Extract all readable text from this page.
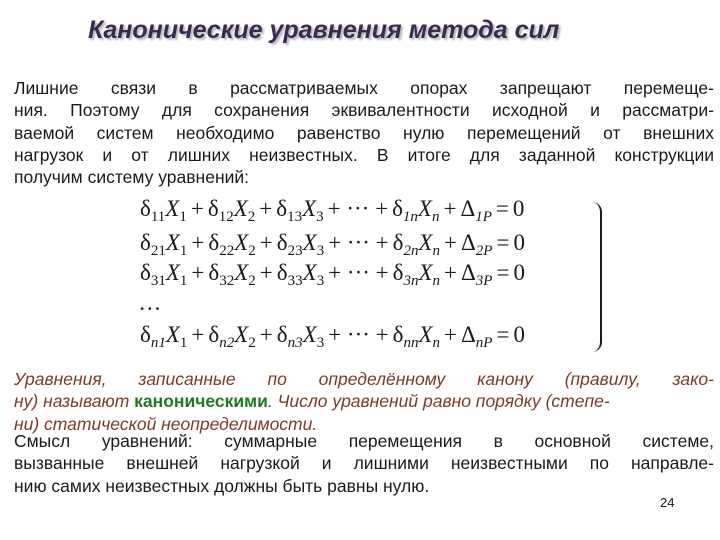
Канонические уравнения метода сил
Лишние связи в рассматриваемых опорах запрещают перемеще-
ния. Поэтому для сохранения эквивалентности исходной и рассматри-
ваемой систем необходимо равенство нулю перемещений от внешних
нагрузок и от лишних неизвестных. В итоге для заданной конструкции
получим систему уравнений:
$\delta_{11}X_1 + \delta_{12}X_2 + \delta_{13}X_3$ + ··· + $\delta_{1n}X_n + \Delta_{1P} = 0$
$\delta_{21}X_1 + \delta_{22}X_2 + \delta_{23}X_3$ + ··· + $\delta_{2n}X_n + \Delta_{2P} = 0$
$\delta_{31}X_1 + \delta_{32}X_2 + \delta_{33}X_3$ + ··· + $\delta_{3n}X_n + \Delta_{3P} = 0$
…
$\delta_{n1}X_1 + \delta_{n2}X_2 + \delta_{n3}X_3$ + ··· + $\delta_{nn}X_n + \Delta_{nP} = 0$
Уравнения, записанные по определённому канону (правилу, зако-
ну) называют каноническими. Число уравнений равно порядку (степе-
ни) статической неопределимости.
Смысл уравнений: суммарные перемещения в основной системе,
вызванные внешней нагрузкой и лишними неизвестными по направле-
нию самих неизвестных должны быть равны нулю.
24
